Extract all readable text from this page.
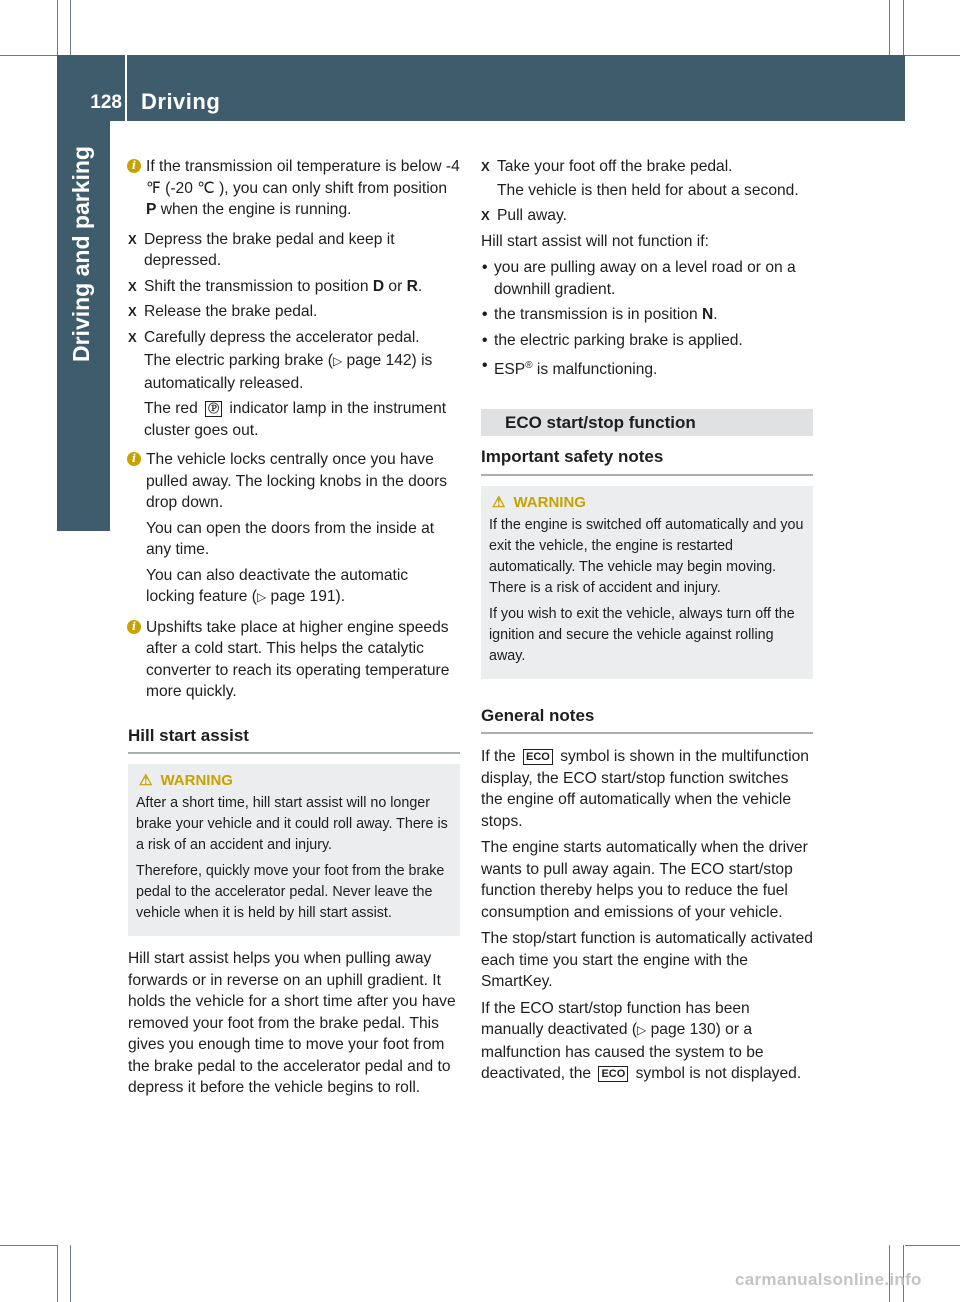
128 Driving
Driving and parking	i If the transmission oil temperature is below -4 ℉ (-20 ℃ ), you can only shift from position P when the engine is running.

X Depress the brake pedal and keep it depressed.
X Shift the transmission to position D or R.
X Release the brake pedal.
X Carefully depress the accelerator pedal.
The electric parking brake (▷ page 142) is automatically released.
The red Ⓟ indicator lamp in the instrument cluster goes out.
i The vehicle locks centrally once you have pulled away. The locking knobs in the doors drop down.

You can open the doors from the inside at any time.

You can also deactivate the automatic locking feature (▷ page 191).

i Upshifts take place at higher engine speeds after a cold start. This helps the catalytic converter to reach its operating temperature more quickly.

Hill start assist
⚠ WARNING

After a short time, hill start assist will no longer brake your vehicle and it could roll away. There is a risk of an accident and injury.

Therefore, quickly move your foot from the brake pedal to the accelerator pedal. Never leave the vehicle when it is held by hill start assist.

Hill start assist helps you when pulling away forwards or in reverse on an uphill gradient. It holds the vehicle for a short time after you have removed your foot from the brake pedal. This gives you enough time to move your foot from the brake pedal to the accelerator pedal and to depress it before the vehicle begins to roll.

X Take your foot off the brake pedal.
The vehicle is then held for about a second.
X Pull away.

Hill start assist will not function if:

• you are pulling away on a level road or on a downhill gradient.
• the transmission is in position N.
• the electric parking brake is applied.
• ESP® is malfunctioning.
ECO start/stop function
Important safety notes
⚠ WARNING

If the engine is switched off automatically and you exit the vehicle, the engine is restarted automatically. The vehicle may begin moving. There is a risk of accident and injury.

If you wish to exit the vehicle, always turn off the ignition and secure the vehicle against rolling away.

General notes

If the ECO symbol is shown in the multifunction display, the ECO start/stop function switches the engine off automatically when the vehicle stops.

The engine starts automatically when the driver wants to pull away again. The ECO start/stop function thereby helps you to reduce the fuel consumption and emissions of your vehicle.

The stop/start function is automatically activated each time you start the engine with the SmartKey.

If the ECO start/stop function has been manually deactivated (▷ page 130) or a malfunction has caused the system to be deactivated, the ECO symbol is not displayed.

carmanualsonline.info
